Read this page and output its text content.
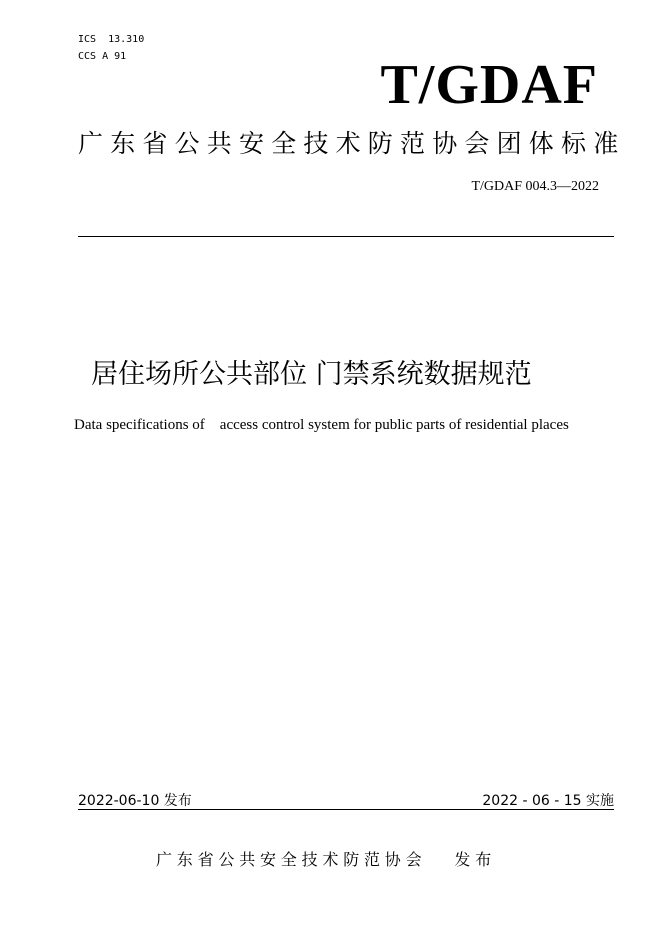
ICS  13.310
CCS A 91	T/GDAF
广东省公共安全技术防范协会团体标准
T/GDAF 004.3—2022
居住场所公共部位 门禁系统数据规范
Data specifications of    access control system for public parts of residential places
2022-06-10 发布	2022 - 06 - 15 实施
广东省公共安全技术防范协会 发布
